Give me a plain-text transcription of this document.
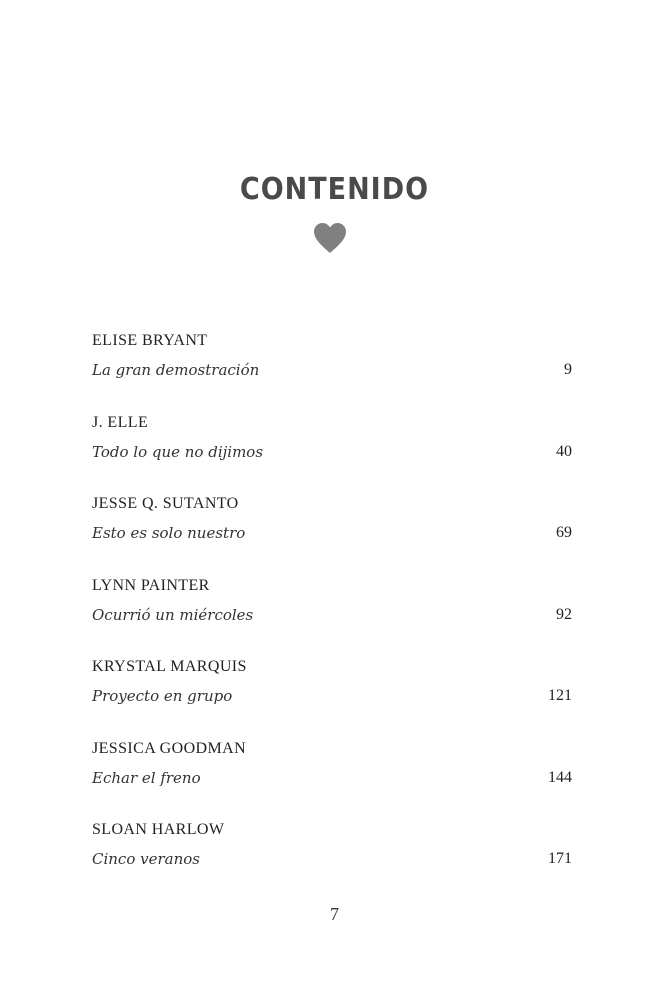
CONTENIDO

ELISE BRYANT

La gran demostración	9

J. ELLE

Todo lo que no dijimos	40

JESSE Q. SUTANTO

Esto es solo nuestro	69

LYNN PAINTER

Ocurrió un miércoles	92

KRYSTAL MARQUIS

Proyecto en grupo	121

JESSICA GOODMAN

Echar el freno	144

SLOAN HARLOW

Cinco veranos	171
7
